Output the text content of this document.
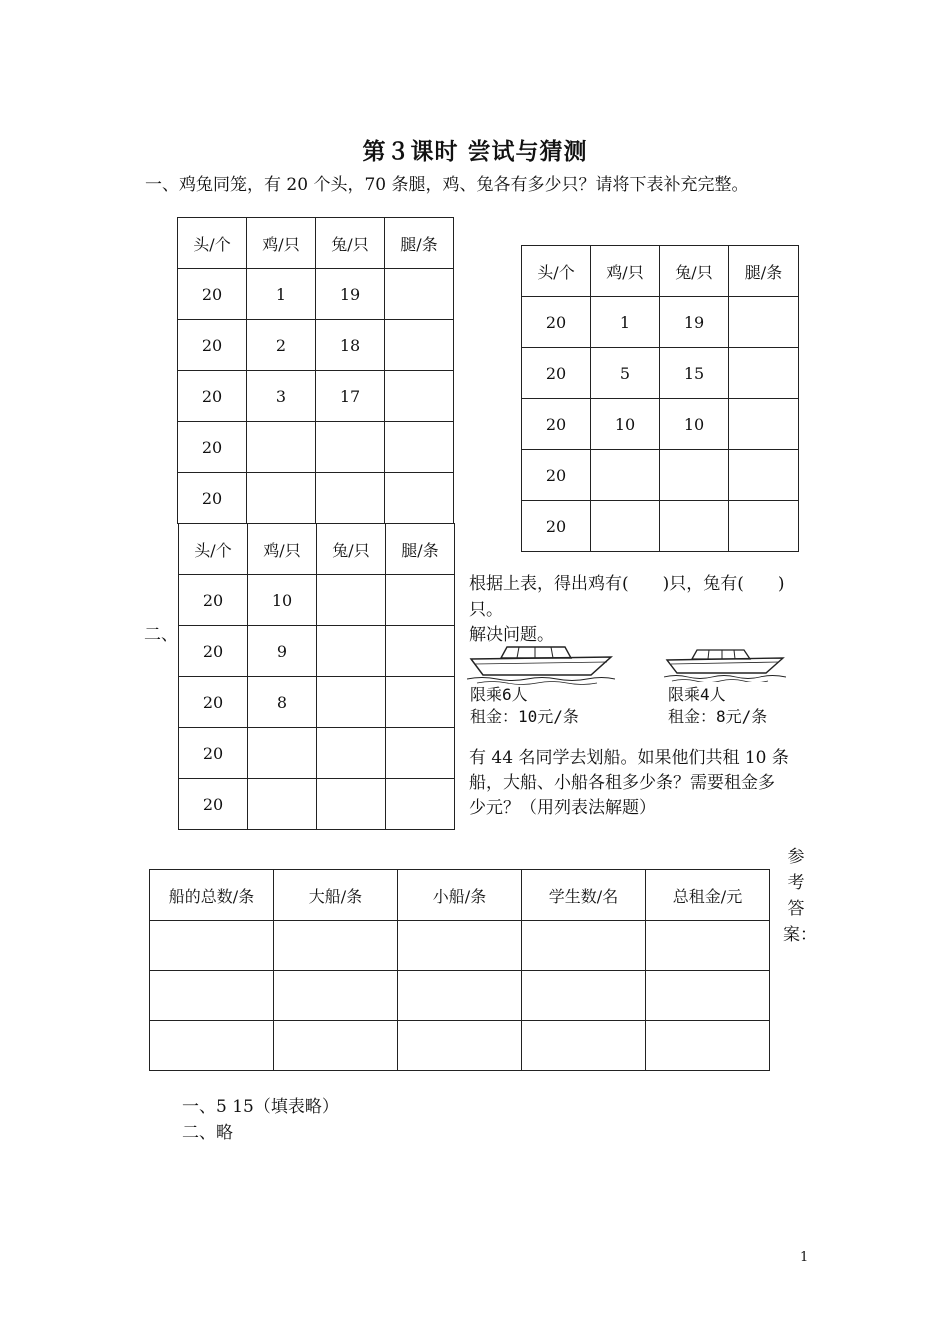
第３课时 尝试与猜测
一、鸡兔同笼，有 20 个头，70 条腿，鸡、兔各有多少只？请将下表补充完整。
头/个	鸡/只	兔/只	腿/条
20	1	19	
20	2	18	
20	3	17	
20			
20			
头/个	鸡/只	兔/只	腿/条
20	1	19	
20	5	15	
20	10	10	
20			
20			
头/个	鸡/只	兔/只	腿/条
20	10		
20	9		
20	8		
20			
20			
二、
根据上表，得出鸡有(　　)只，兔有(　　)
只。
解决问题。
限乘6人
租金：10元/条
限乘4人
租金：8元/条
有 44 名同学去划船。如果他们共租 10 条
船，大船、小船各租多少条？需要租金多
少元？（用列表法解题）
参
考
答
案：
船的总数/条	大船/条	小船/条	学生数/名	总租金/元

一、5 15（填表略）
二、略
1
